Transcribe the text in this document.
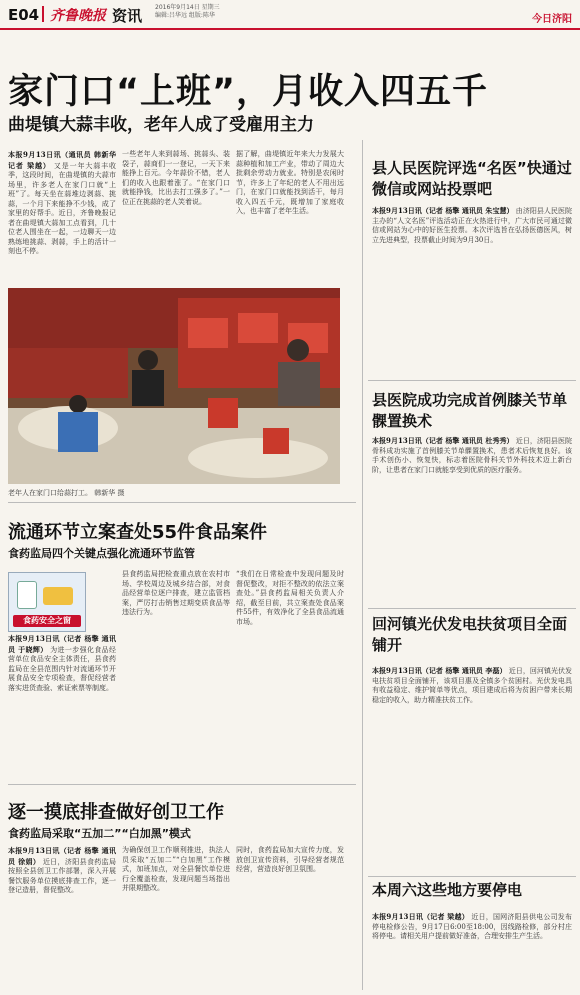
E04 齐鲁晚报 资讯 2016年9月14日 星期三
编辑:吕华远 组版:陈华	今日济阳
家门口“上班”，月收入四五千
曲堤镇大蒜丰收，老年人成了受雇用主力
本报9月13日讯（通讯员 韩新华 记者 梁越） 又是一年大蒜丰收季，这段时间，在曲堤镇的大蒜市场里，许多老人在家门口就“上班”了。每天坐在蒜堆边剥蒜、挑蒜，一个月下来能挣不少钱，成了家里的好帮手。近日，齐鲁晚报记者在曲堤镇大蒜加工点看到，几十位老人围坐在一起，一边聊天一边熟练地挑蒜、剥蒜，手上的活计一刻也不停。
一些老年人来到蒜场、挑蒜头、装袋子，蒜商们一一登记，一天下来能挣上百元。今年蒜价不错，老人们的收入也跟着涨了。“在家门口就能挣钱，比出去打工强多了。”一位正在挑蒜的老人笑着说。
据了解，曲堤镇近年来大力发展大蒜种植和加工产业，带动了周边大批剩余劳动力就业。特别是农闲时节，许多上了年纪的老人不用出远门，在家门口就能找到活干，每月收入四五千元，既增加了家庭收入，也丰富了老年生活。
老年人在家门口给蒜打工。 韩新华 摄
流通环节立案查处55件食品案件
食药监局四个关键点强化流通环节监管
食药安全之窗
本报9月13日讯（记者 杨擎 通讯员 于晓辉） 为进一步强化食品经营单位食品安全主体责任，县食药监局在全县范围内针对流通环节开展食品安全专项检查，督促经营者落实进货查验、索证索票等制度。
县食药监局把检查重点放在农村市场、学校周边及城乡结合部，对食品经营单位逐户排查，建立监管档案，严厉打击销售过期变质食品等违法行为。
“我们在日常检查中发现问题及时督促整改，对拒不整改的依法立案查处。”县食药监局相关负责人介绍，截至目前，共立案查处食品案件55件，有效净化了全县食品流通市场。
逐一摸底排查做好创卫工作
食药监局采取“五加二”“白加黑”模式
本报9月13日讯（记者 杨擎 通讯员 徐娟） 近日，济阳县食药监局按照全县创卫工作部署，深入开展餐饮服务单位摸底排查工作，逐一登记造册，督促整改。
为确保创卫工作顺利推进，执法人员采取“五加二”“白加黑”工作模式，加班加点，对全县餐饮单位进行全覆盖检查，发现问题当场指出并限期整改。
同时，食药监局加大宣传力度，发放创卫宣传资料，引导经营者规范经营，营造良好创卫氛围。
县人民医院评选“名医”快通过微信或网站投票吧
本报9月13日讯（记者 杨擎 通讯员 朱宝慧） 由济阳县人民医院主办的“人文名医”评选活动正在火热进行中，广大市民可通过微信或网站为心中的好医生投票。本次评选旨在弘扬医德医风，树立先进典型，投票截止时间为9月30日。
县医院成功完成首例膝关节单髁置换术
本报9月13日讯（记者 杨擎 通讯员 杜秀秀） 近日，济阳县医院骨科成功实施了首例膝关节单髁置换术，患者术后恢复良好。该手术创伤小、恢复快，标志着医院骨科关节外科技术迈上新台阶，让患者在家门口就能享受到优质的医疗服务。
回河镇光伏发电扶贫项目全面铺开
本报9月13日讯（记者 杨擎 通讯员 李磊） 近日，回河镇光伏发电扶贫项目全面铺开，该项目惠及全镇多个贫困村。光伏发电具有收益稳定、维护简单等优点，项目建成后将为贫困户带来长期稳定的收入，助力精准扶贫工作。
本周六这些地方要停电
本报9月13日讯（记者 梁越） 近日，国网济阳县供电公司发布停电检修公告，9月17日6:00至18:00，因线路检修，部分村庄将停电。请相关用户提前做好准备，合理安排生产生活。
